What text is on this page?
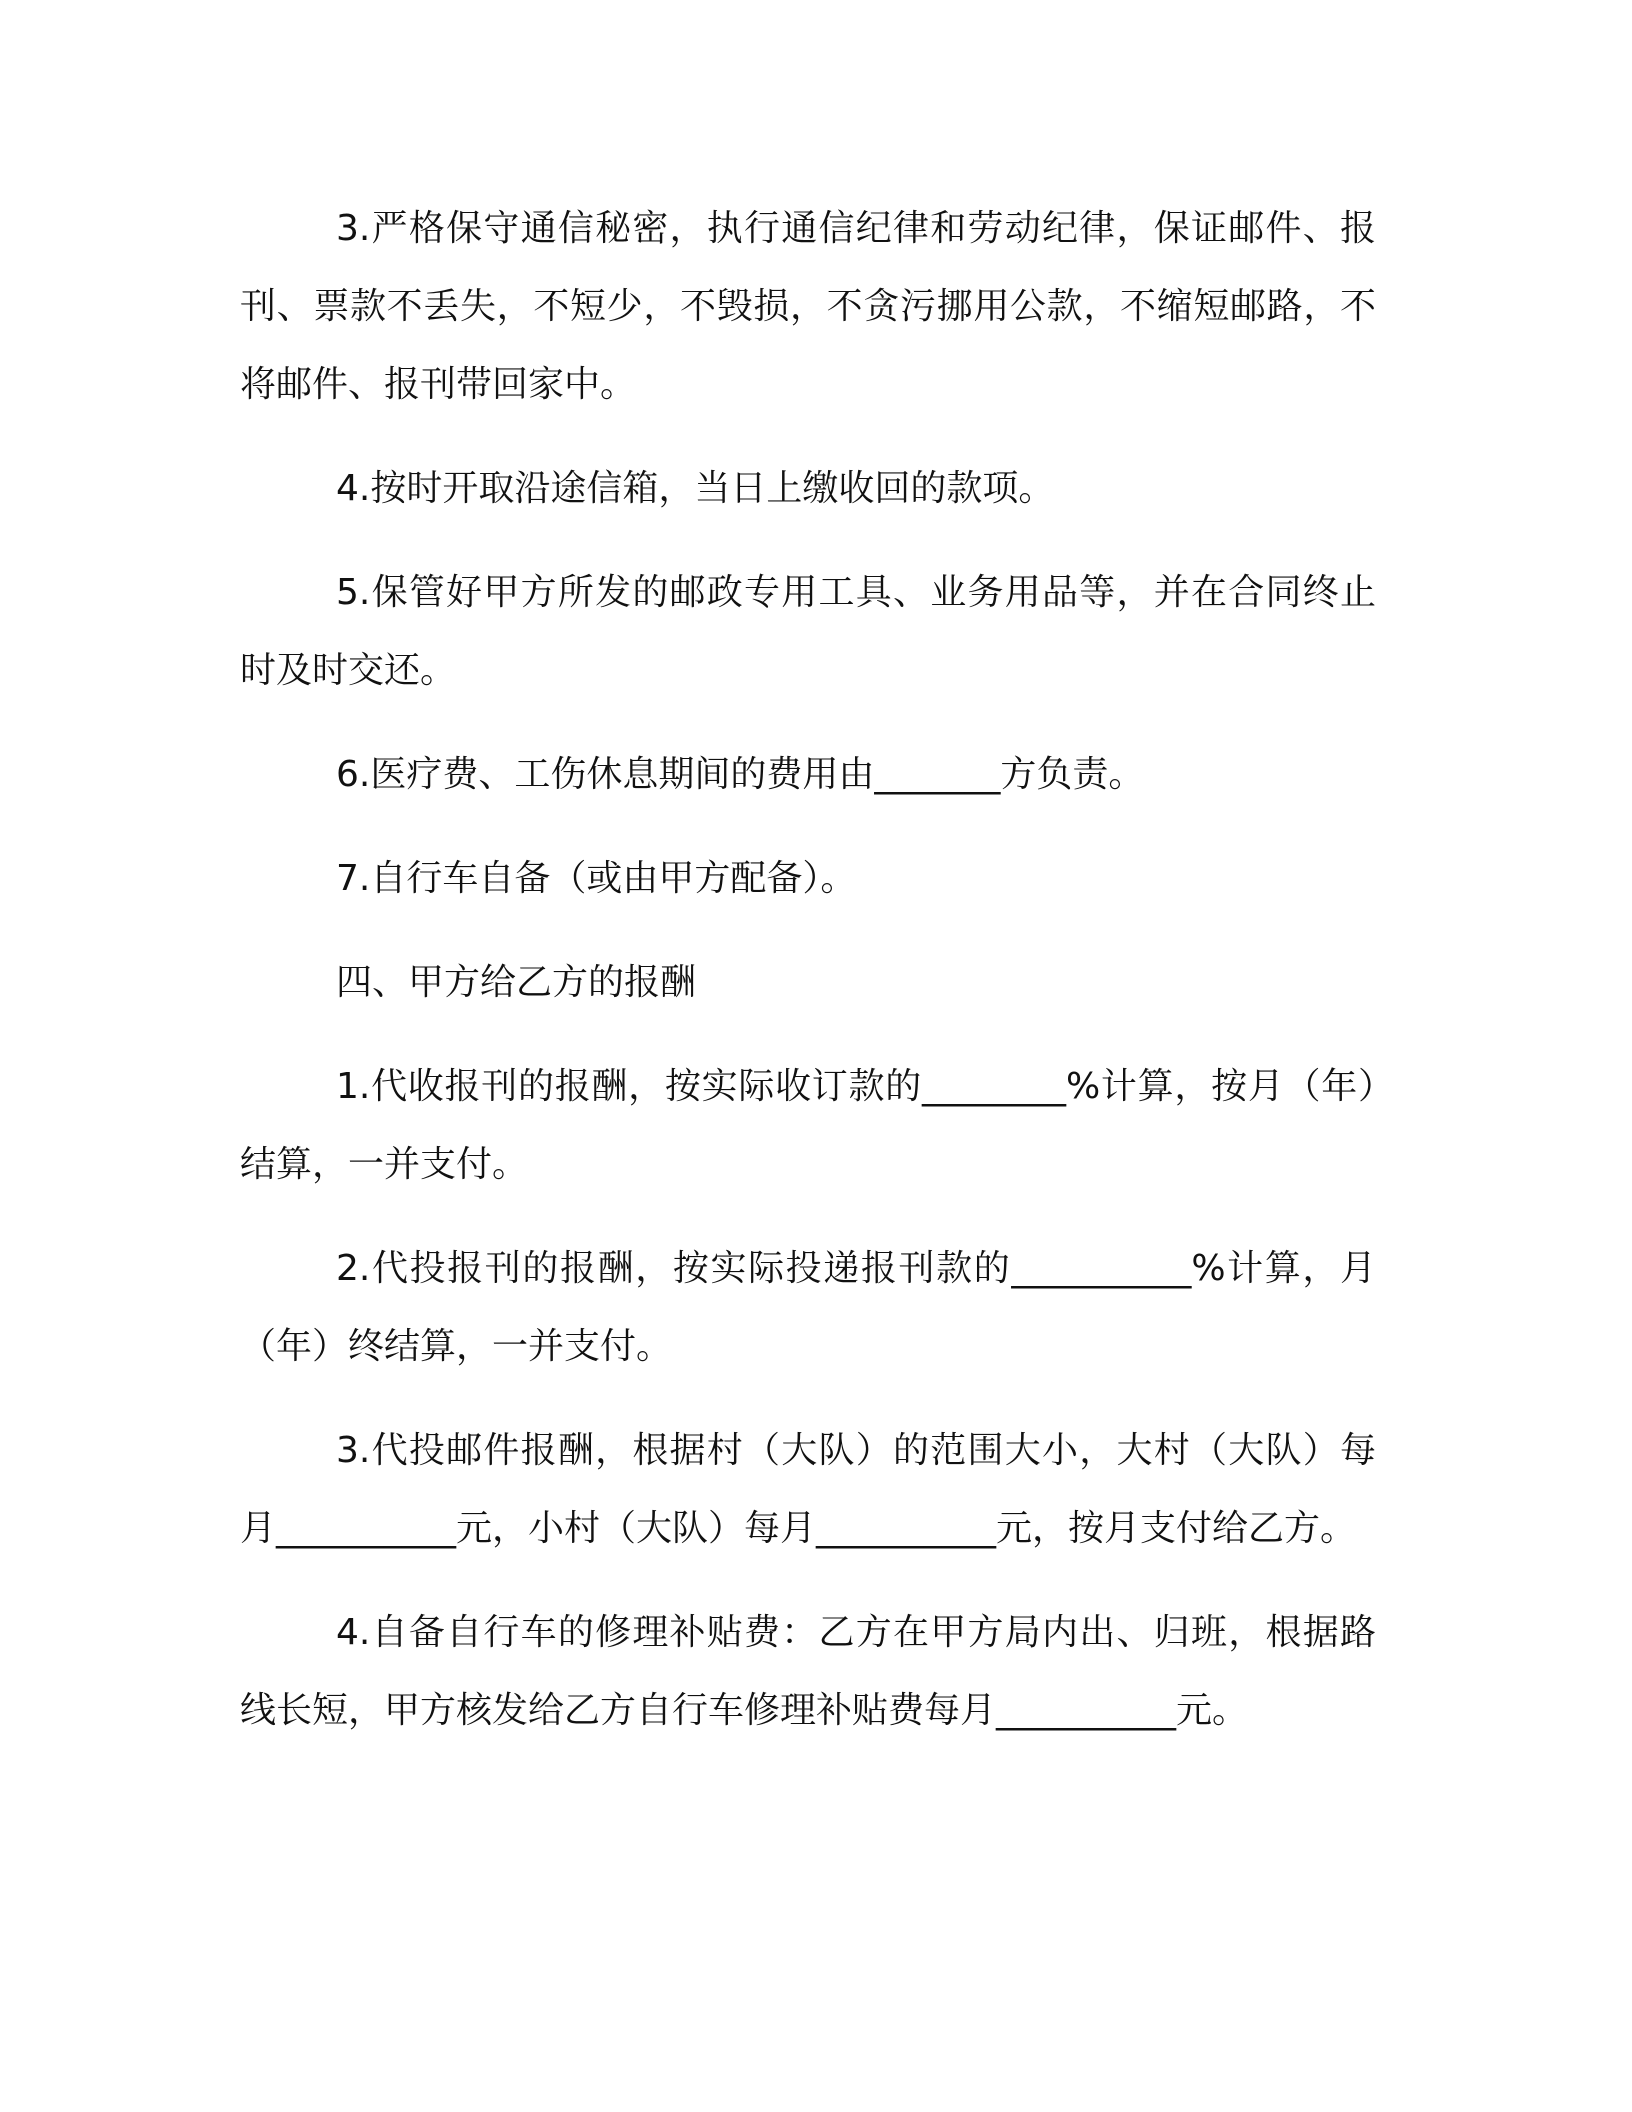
3.严格保守通信秘密，执行通信纪律和劳动纪律，保证邮件、报刊、票款不丢失，不短少，不毁损，不贪污挪用公款，不缩短邮路，不将邮件、报刊带回家中。

4.按时开取沿途信箱，当日上缴收回的款项。

5.保管好甲方所发的邮政专用工具、业务用品等，并在合同终止时及时交还。

6.医疗费、工伤休息期间的费用由_______方负责。

7.自行车自备（或由甲方配备）。

四、甲方给乙方的报酬

1.代收报刊的报酬，按实际收订款的________%计算，按月（年）结算，一并支付。

2.代投报刊的报酬，按实际投递报刊款的__________%计算，月（年）终结算，一并支付。

3.代投邮件报酬，根据村（大队）的范围大小，大村（大队）每月__________元，小村（大队）每月__________元，按月支付给乙方。

4.自备自行车的修理补贴费：乙方在甲方局内出、归班，根据路线长短，甲方核发给乙方自行车修理补贴费每月__________元。
